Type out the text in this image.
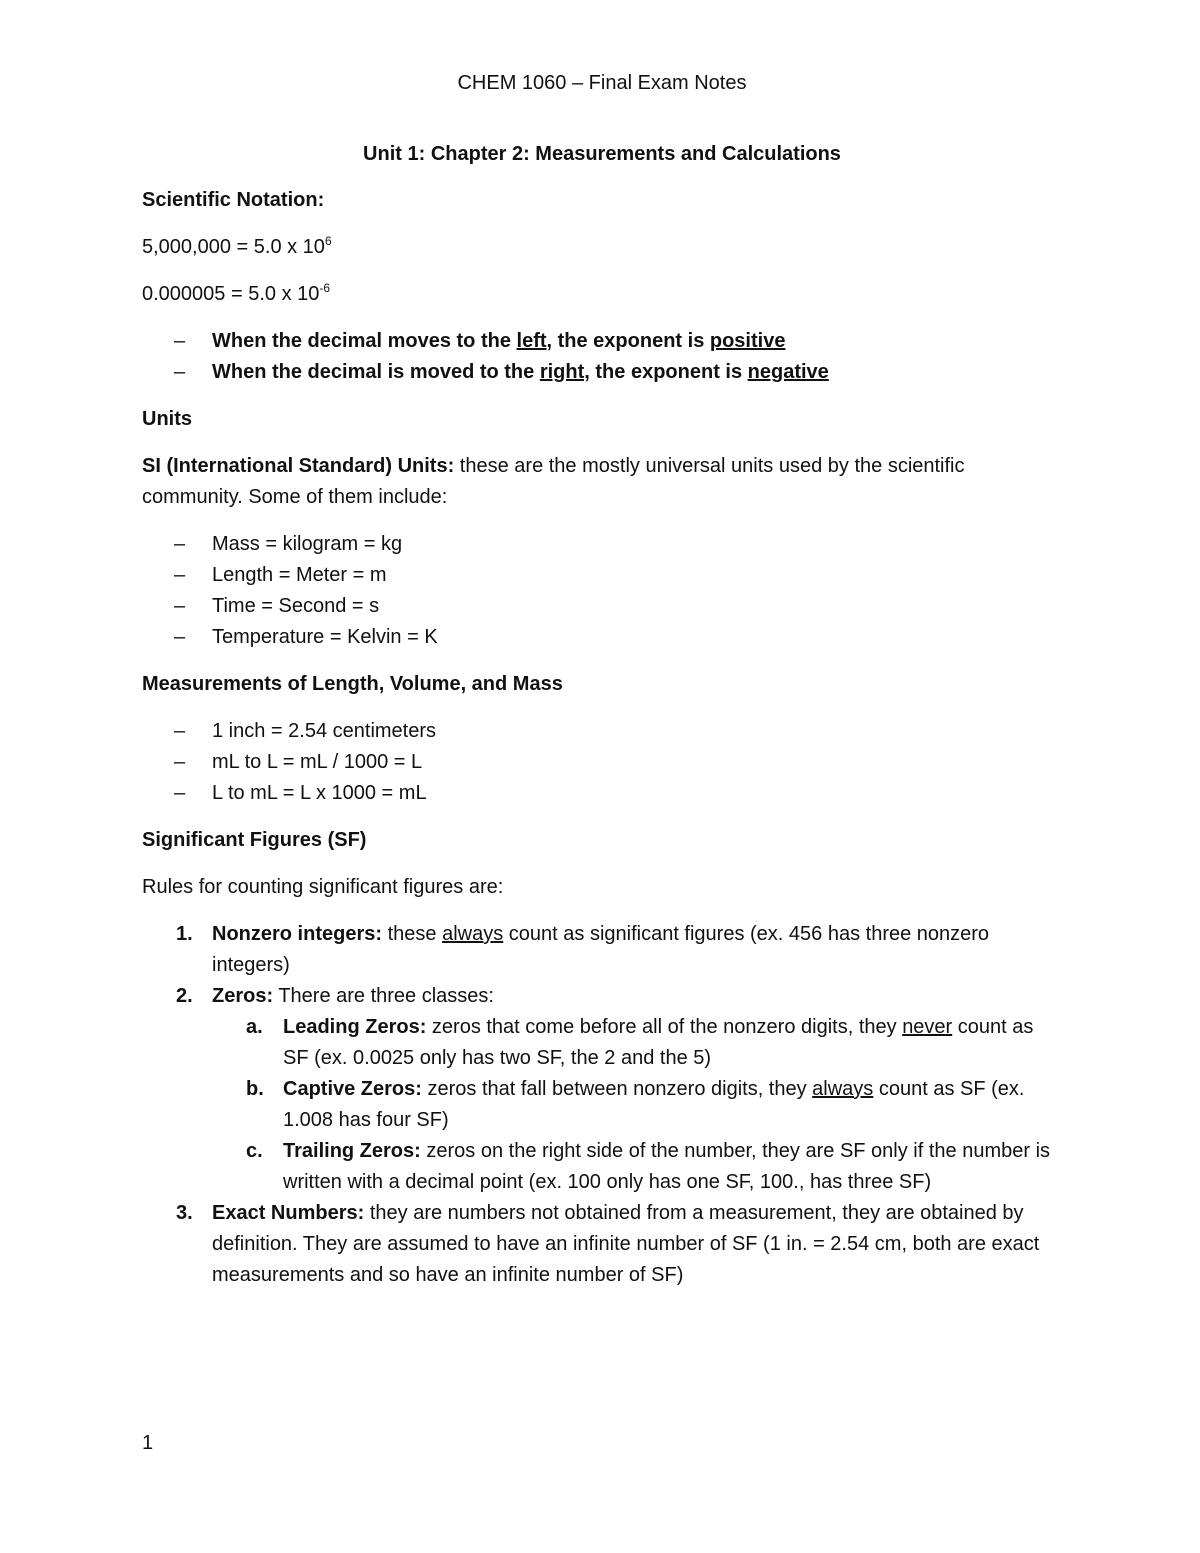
CHEM 1060 – Final Exam Notes

Unit 1: Chapter 2: Measurements and Calculations

Scientific Notation:

5,000,000 = 5.0 x $10^6$

0.000005 = 5.0 x $10^{-6}$

– When the decimal moves to the left, the exponent is positive
– When the decimal is moved to the right, the exponent is negative

Units

SI (International Standard) Units: these are the mostly universal units used by the scientific community. Some of them include:

– Mass = kilogram = kg
– Length = Meter = m
– Time = Second = s
– Temperature = Kelvin = K

Measurements of Length, Volume, and Mass

– 1 inch = 2.54 centimeters
– mL to L = mL / 1000 = L
– L to mL = L x 1000 = mL

Significant Figures (SF)

Rules for counting significant figures are:

1. Nonzero integers: these always count as significant figures (ex. 456 has three nonzero integers)
2. Zeros: There are three classes:
a. Leading Zeros: zeros that come before all of the nonzero digits, they never count as SF (ex. 0.0025 only has two SF, the 2 and the 5)
b. Captive Zeros: zeros that fall between nonzero digits, they always count as SF (ex. 1.008 has four SF)
c. Trailing Zeros: zeros on the right side of the number, they are SF only if the number is written with a decimal point (ex. 100 only has one SF, 100., has three SF)
3. Exact Numbers: they are numbers not obtained from a measurement, they are obtained by definition. They are assumed to have an infinite number of SF (1 in. = 2.54 cm, both are exact measurements and so have an infinite number of SF)
1
